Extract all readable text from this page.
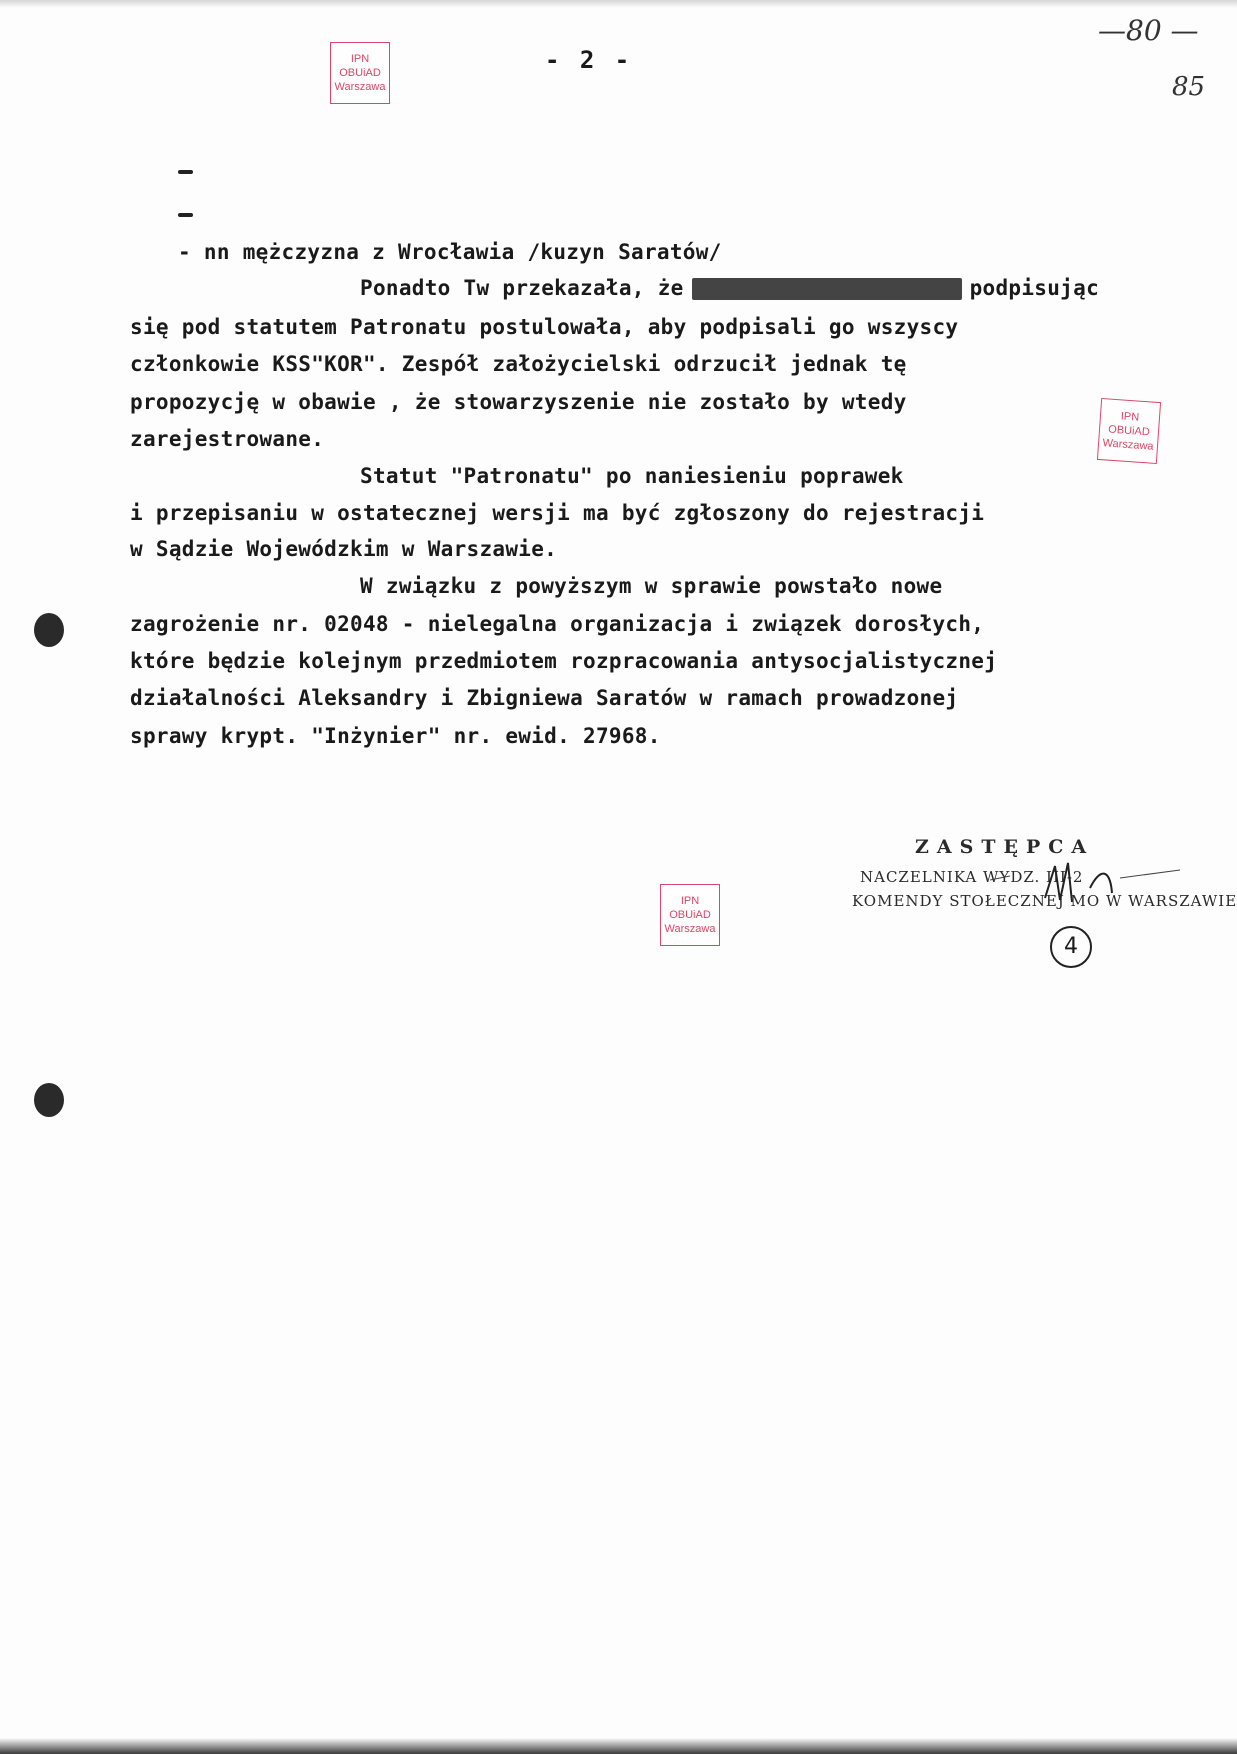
- 2 -
—80 —
85
IPN
OBUiAD
Warszawa
IPN
OBUiAD
Warszawa
IPN
OBUiAD
Warszawa
- nn mężczyzna z Wrocławia /kuzyn Saratów/
Ponadto Tw przekazała, że	podpisując
się pod statutem Patronatu postulowała, aby podpisali go wszyscy
członkowie KSS"KOR". Zespół założycielski odrzucił jednak tę
propozycję w obawie , że stowarzyszenie nie zostało by wtedy
zarejestrowane.
Statut "Patronatu" po naniesieniu poprawek
i przepisaniu w ostatecznej wersji ma być zgłoszony do rejestracji
w Sądzie Wojewódzkim w Warszawie.
W związku z powyższym w sprawie powstało nowe
zagrożenie nr. 02048 - nielegalna organizacja i związek dorosłych,
które będzie kolejnym przedmiotem rozpracowania antysocjalistycznej
działalności Aleksandry i Zbigniewa Saratów w ramach prowadzonej
sprawy krypt. "Inżynier" nr. ewid. 27968.
ZASTĘPCA
NACZELNIKA WYDZ. III-2
KOMENDY STOŁECZNEJ MO W WARSZAWIE
4
